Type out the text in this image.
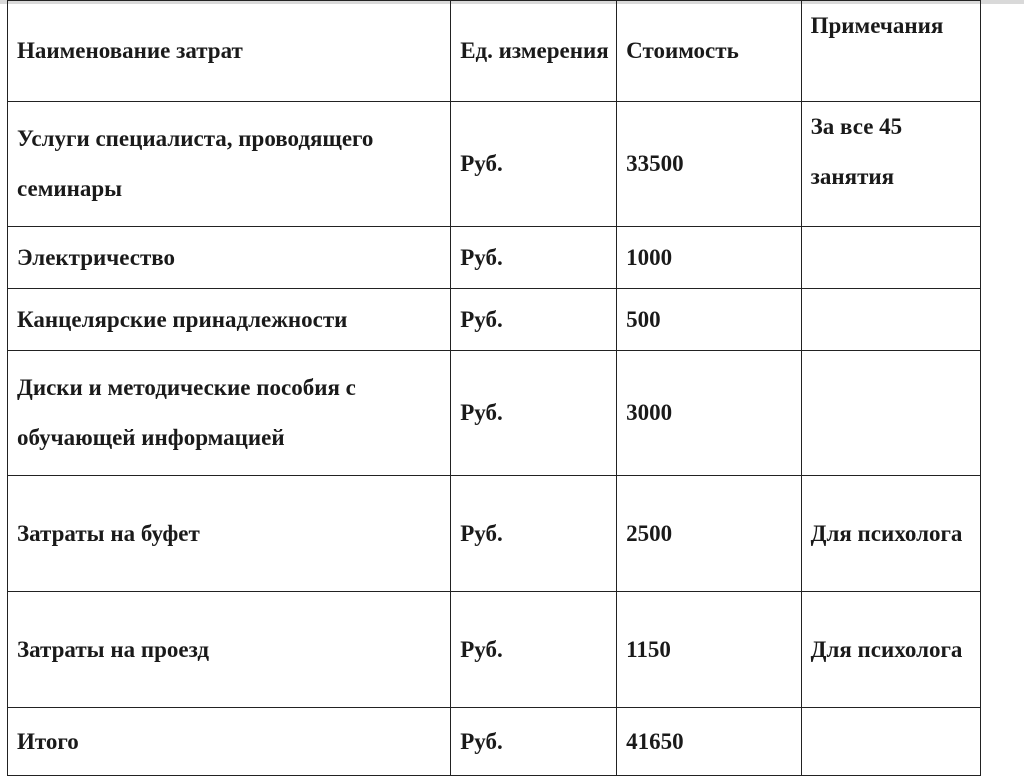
Наименование затрат	Ед. измерения	Стоимость	Примечания
Услуги специалиста, проводящего семинары	Руб.	33500	За все 45 занятия
Электричество	Руб.	1000	
Канцелярские принадлежности	Руб.	500	
Диски и методические пособия с обучающей информацией	Руб.	3000	
Затраты на буфет	Руб.	2500	Для психолога
Затраты на проезд	Руб.	1150	Для психолога
Итого	Руб.	41650	
